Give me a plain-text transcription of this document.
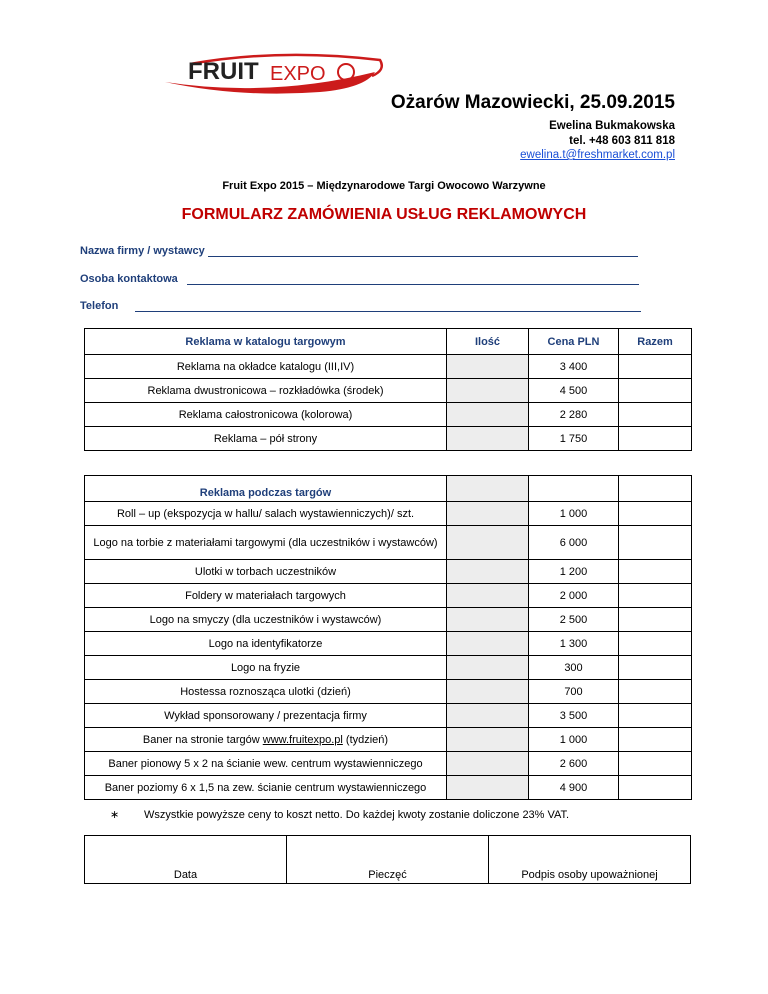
FRUIT EXPO
Ożarów Mazowiecki, 25.09.2015
Ewelina Bukmakowska
tel. +48 603 811 818
ewelina.t@freshmarket.com.pl
Fruit Expo 2015 – Międzynarodowe Targi Owocowo Warzywne
FORMULARZ ZAMÓWIENIA USŁUG REKLAMOWYCH
Nazwa firmy / wystawcy
Osoba kontaktowa
Telefon
Reklama w katalogu targowym	Ilość	Cena PLN	Razem
Reklama na okładce katalogu (III,IV)		3 400	
Reklama dwustronicowa – rozkładówka (środek)		4 500	
Reklama całostronicowa (kolorowa)		2 280	
Reklama – pół strony		1 750	
Reklama podczas targów			
Roll – up (ekspozycja w hallu/ salach wystawienniczych)/ szt.		1 000	
Logo na torbie z materiałami targowymi (dla uczestników i wystawców)		6 000	
Ulotki w torbach uczestników		1 200	
Foldery w materiałach targowych		2 000	
Logo na smyczy (dla uczestników i wystawców)		2 500	
Logo na identyfikatorze		1 300	
Logo na fryzie		300	
Hostessa roznosząca ulotki (dzień)		700	
Wykład sponsorowany / prezentacja firmy		3 500	
Baner na stronie targów www.fruitexpo.pl (tydzień)		1 000	
Baner pionowy 5 x 2 na ścianie wew. centrum wystawienniczego		2 600	
Baner poziomy 6 x 1,5 na zew. ścianie centrum wystawienniczego		4 900	
∗ Wszystkie powyższe ceny to koszt netto. Do każdej kwoty zostanie doliczone 23% VAT.
Data	Pieczęć	Podpis osoby upoważnionej
